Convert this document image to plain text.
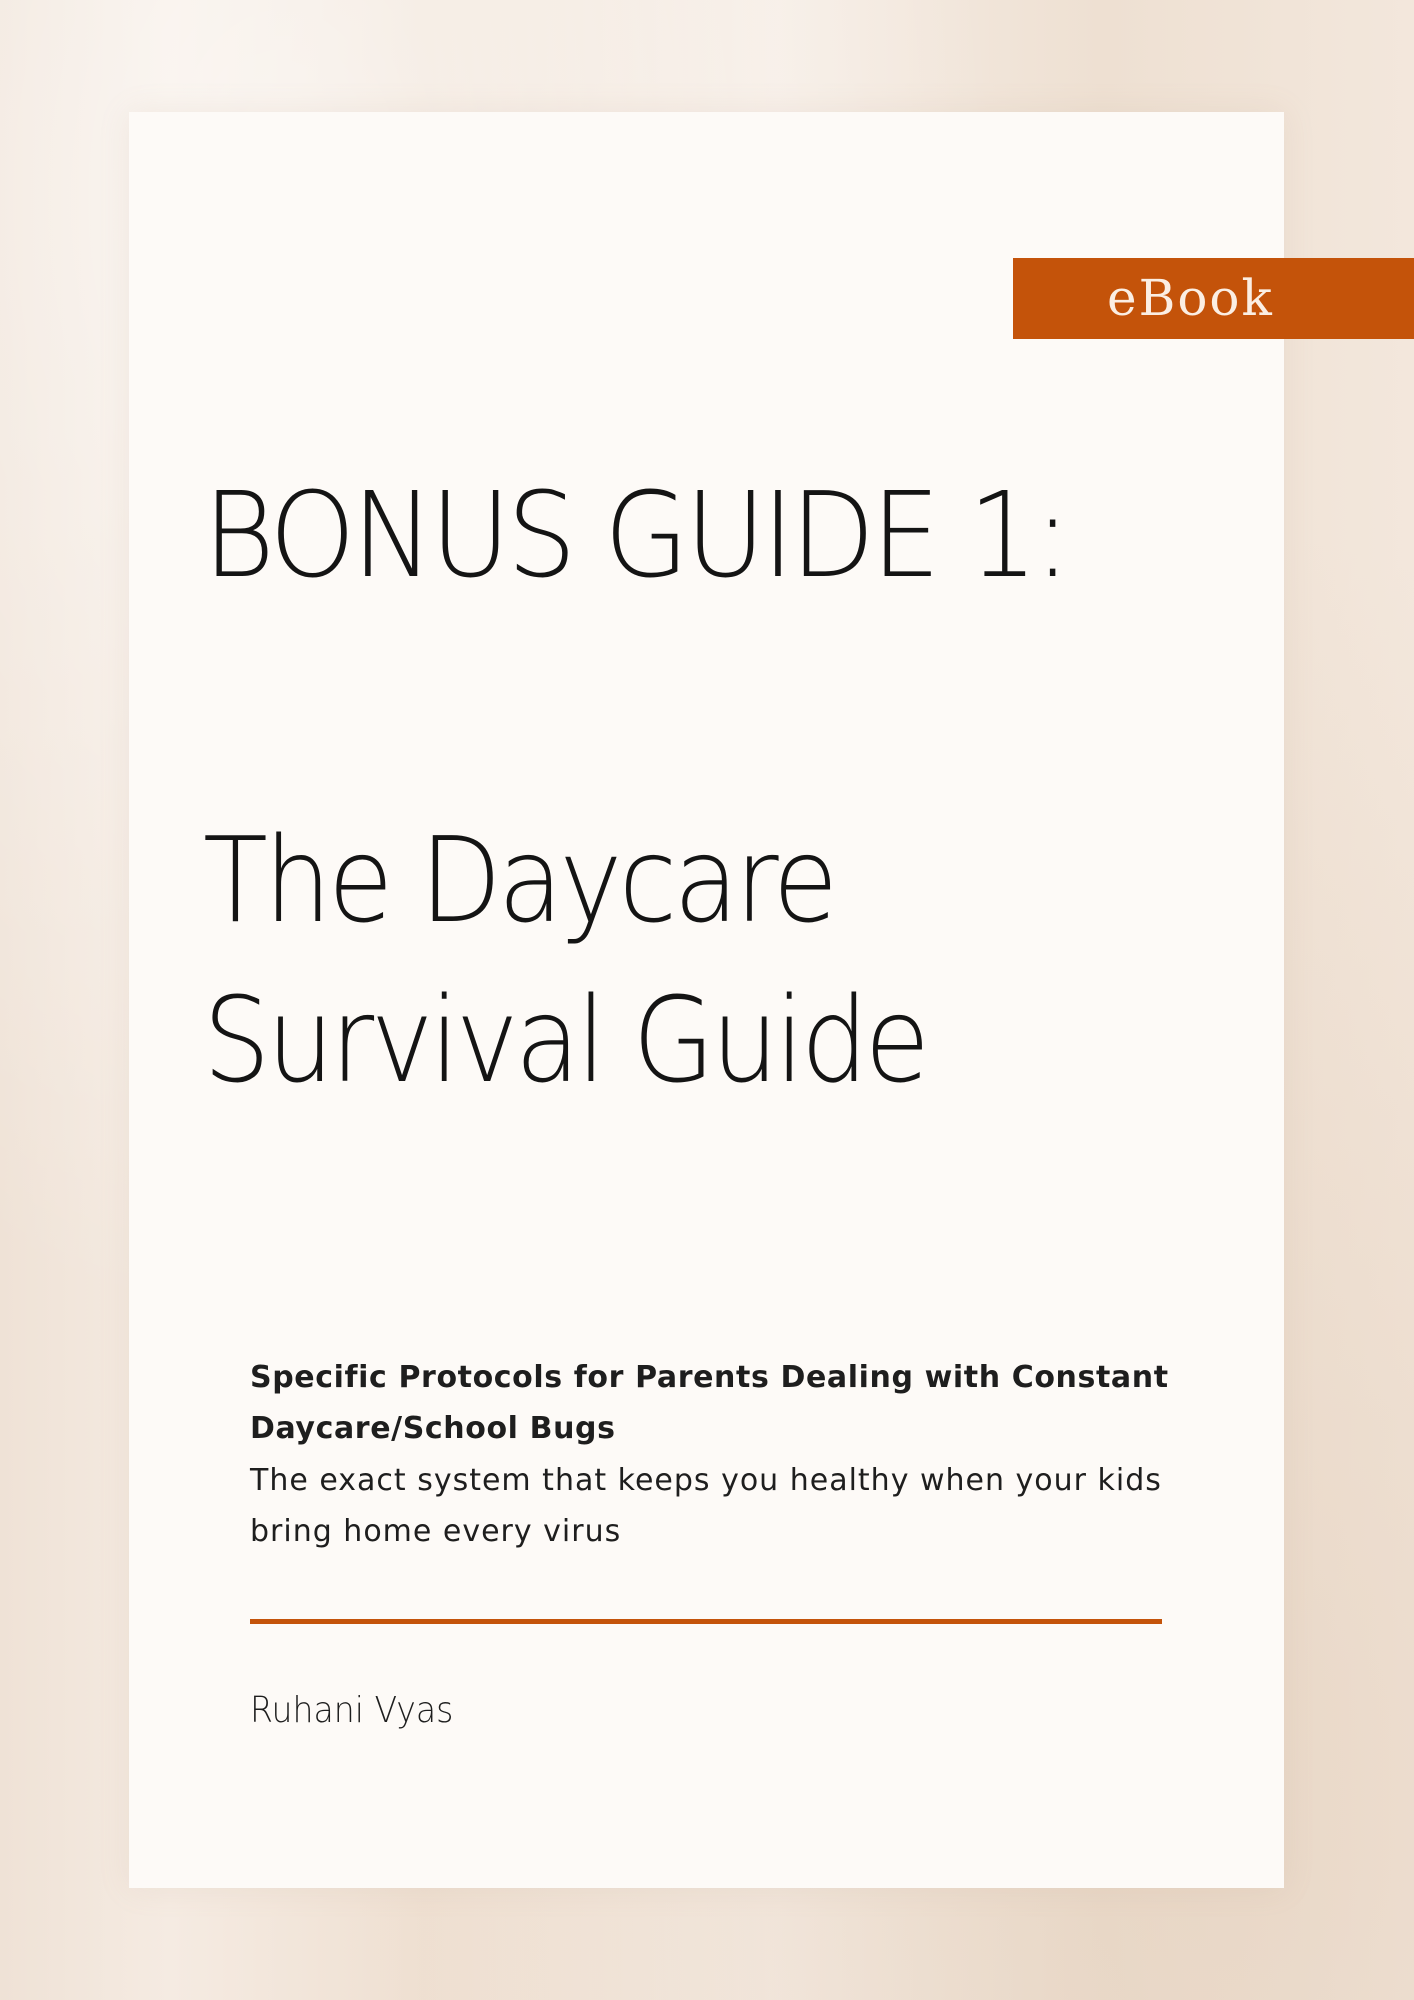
eBook
BONUS GUIDE 1:
The Daycare
Survival Guide
Specific Protocols for Parents Dealing with Constant Daycare/School Bugs
The exact system that keeps you healthy when your kids bring home every virus
Ruhani Vyas
